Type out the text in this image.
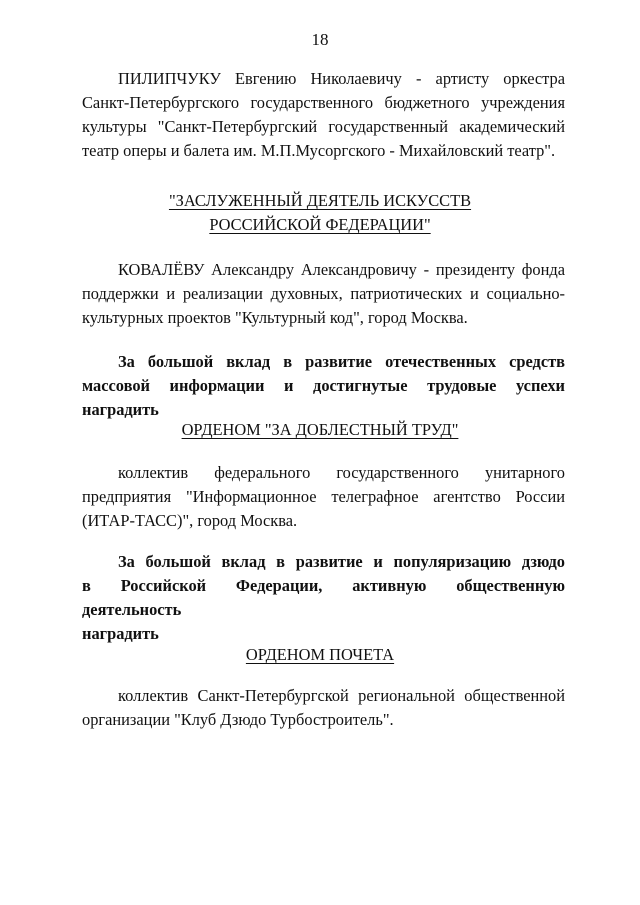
18
ПИЛИПЧУКУ Евгению Николаевичу - артисту оркестра
Санкт-Петербургского государственного бюджетного учреждения
культуры "Санкт-Петербургский государственный академический
театр оперы и балета им. М.П.Мусоргского - Михайловский театр".
"ЗАСЛУЖЕННЫЙ ДЕЯТЕЛЬ ИСКУССТВ
РОССИЙСКОЙ ФЕДЕРАЦИИ"
КОВАЛЁВУ Александру Александровичу - президенту фонда
поддержки и реализации духовных, патриотических и социально-
культурных проектов "Культурный код", город Москва.
За большой вклад в развитие отечественных средств
массовой информации и достигнутые трудовые успехи наградить
ОРДЕНОМ "ЗА ДОБЛЕСТНЫЙ ТРУД"
коллектив федерального государственного унитарного
предприятия "Информационное телеграфное агентство России
(ИТАР-ТАСС)", город Москва.
За большой вклад в развитие и популяризацию дзюдо
в Российской Федерации, активную общественную деятельность
наградить
ОРДЕНОМ ПОЧЕТА
коллектив Санкт-Петербургской региональной общественной
организации "Клуб Дзюдо Турбостроитель".
